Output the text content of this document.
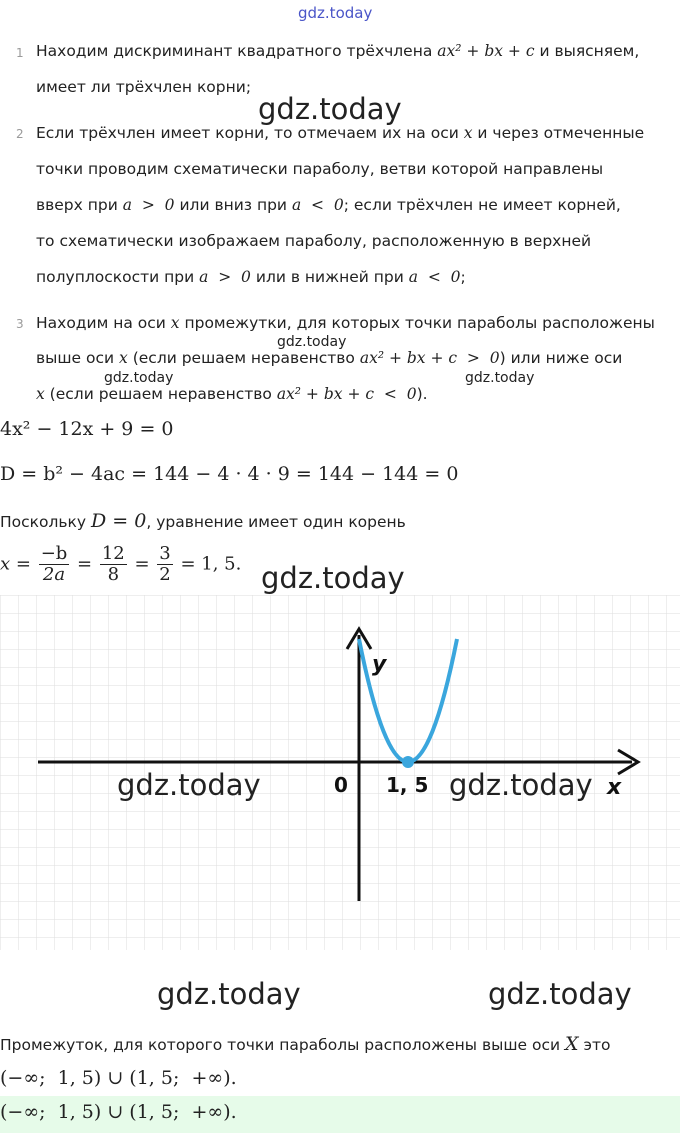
gdz.today
1 Находим дискриминант квадратного трёхчлена ax² + bx + c и выясняем,
имеет ли трёхчлен корни;
2 Если трёхчлен имеет корни, то отмечаем их на оси x и через отмеченные
точки проводим схематически параболу, ветви которой направлены
вверх при a  >  0 или вниз при a  <  0; если трёхчлен не имеет корней,
то схематически изображаем параболу, расположенную в верхней
полуплоскости при a  >  0 или в нижней при a  <  0;
3 Находим на оси x промежутки, для которых точки параболы расположены
выше оси x (если решаем неравенство ax² + bx + c  >  0) или ниже оси
x (если решаем неравенство ax² + bx + c  <  0).
4x² − 12x + 9 = 0
D = b² − 4ac = 144 − 4 · 4 · 9 = 144 − 144 = 0
Поскольку D = 0, уравнение имеет один корень
$x = \frac{-b}{2a} = \frac{12}{8} = \frac{3}{2} = 1$, 5.
y
0 1, 5	x
Промежуток, для которого точки параболы расположены выше оси X это
(−∞;  1, 5) ∪ (1, 5;  +∞).
(−∞;  1, 5) ∪ (1, 5;  +∞).
gdz.today
gdz.today
gdz.today	gdz.today
gdz.today
gdz.today	gdz.today
gdz.today	gdz.today
